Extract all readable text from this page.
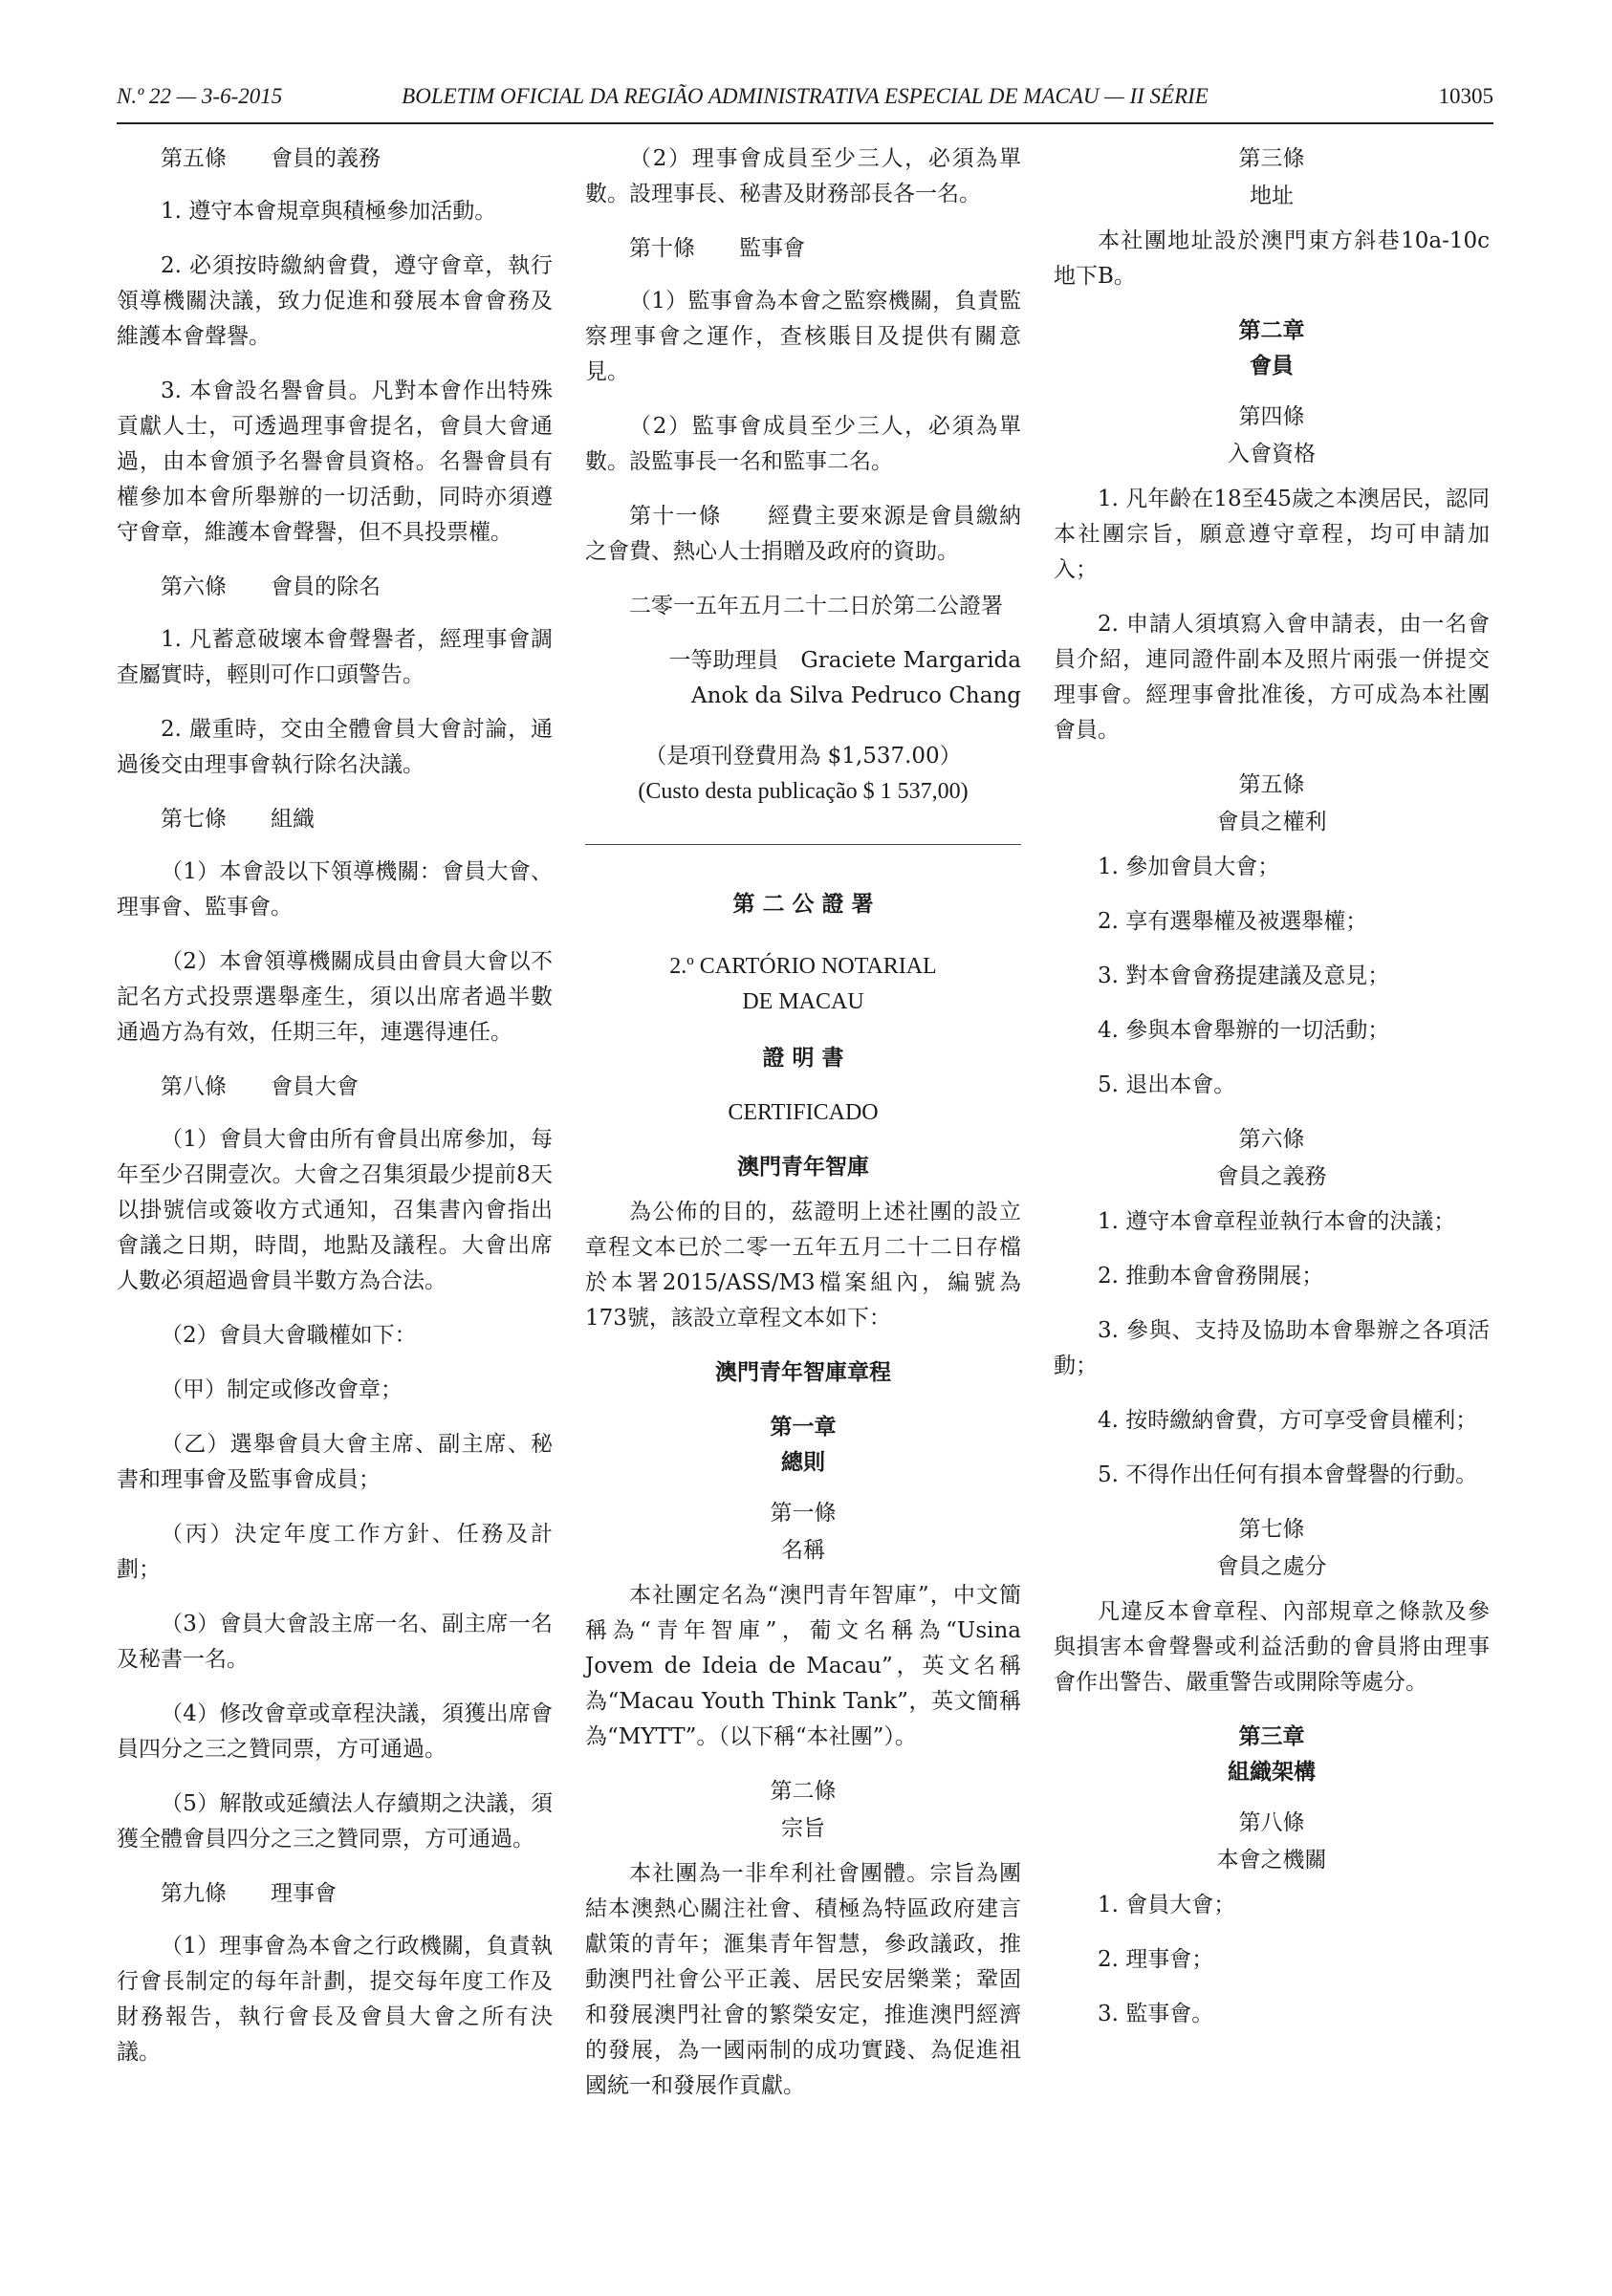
N.º 22 — 3-6-2015	BOLETIM OFICIAL DA REGIÃO ADMINISTRATIVA ESPECIAL DE MACAU — II SÉRIE	10305

第五條 會員的義務

1. 遵守本會規章與積極參加活動。

2. 必須按時繳納會費，遵守會章，執行領導機關決議，致力促進和發展本會會務及維護本會聲譽。

3. 本會設名譽會員。凡對本會作出特殊貢獻人士，可透過理事會提名，會員大會通過，由本會頒予名譽會員資格。名譽會員有權參加本會所舉辦的一切活動，同時亦須遵守會章，維護本會聲譽，但不具投票權。

第六條 會員的除名

1. 凡蓄意破壞本會聲譽者，經理事會調查屬實時，輕則可作口頭警告。

2. 嚴重時，交由全體會員大會討論，通過後交由理事會執行除名決議。

第七條 組織

（1）本會設以下領導機關：會員大會、理事會、監事會。

（2）本會領導機關成員由會員大會以不記名方式投票選舉產生，須以出席者過半數通過方為有效，任期三年，連選得連任。

第八條 會員大會

（1）會員大會由所有會員出席參加，每年至少召開壹次。大會之召集須最少提前8天以掛號信或簽收方式通知，召集書內會指出會議之日期，時間，地點及議程。大會出席人數必須超過會員半數方為合法。

（2）會員大會職權如下：

（甲）制定或修改會章；

（乙）選舉會員大會主席、副主席、秘書和理事會及監事會成員；

（丙）決定年度工作方針、任務及計劃；

（3）會員大會設主席一名、副主席一名及秘書一名。

（4）修改會章或章程決議，須獲出席會員四分之三之贊同票，方可通過。

（5）解散或延續法人存續期之決議，須獲全體會員四分之三之贊同票，方可通過。

第九條 理事會

（1）理事會為本會之行政機關，負責執行會長制定的每年計劃，提交每年度工作及財務報告，執行會長及會員大會之所有決議。

（2）理事會成員至少三人，必須為單數。設理事長、秘書及財務部長各一名。

第十條 監事會

（1）監事會為本會之監察機關，負責監察理事會之運作，查核賬目及提供有關意見。

（2）監事會成員至少三人，必須為單數。設監事長一名和監事二名。

第十一條　　經費主要來源是會員繳納之會費、熱心人士捐贈及政府的資助。

二零一五年五月二十二日於第二公證署

一等助理員　Graciete Margarida

Anok da Silva Pedruco Chang

（是項刊登費用為 $1,537.00）

(Custo desta publicação $ 1 537,00)

第 二 公 證 署

2.º CARTÓRIO NOTARIAL

DE MACAU

證 明 書

CERTIFICADO

澳門青年智庫

為公佈的目的，茲證明上述社團的設立章程文本已於二零一五年五月二十二日存檔於本署2015/ASS/M3檔案組內，編號為173號，該設立章程文本如下：

澳門青年智庫章程

第一章

總則

第一條

名稱

本社團定名為“澳門青年智庫”，中文簡稱為“青年智庫”，葡文名稱為“Usina Jovem de Ideia de Macau”，英文名稱為“Macau Youth Think Tank”，英文簡稱為“MYTT”。（以下稱“本社團”）。

第二條

宗旨

本社團為一非牟利社會團體。宗旨為團結本澳熱心關注社會、積極為特區政府建言獻策的青年；滙集青年智慧，參政議政，推動澳門社會公平正義、居民安居樂業；鞏固和發展澳門社會的繁榮安定，推進澳門經濟的發展，為一國兩制的成功實踐、為促進祖國統一和發展作貢獻。

第三條

地址

本社團地址設於澳門東方斜巷10a-10c地下B。

第二章

會員

第四條

入會資格

1. 凡年齡在18至45歲之本澳居民，認同本社團宗旨，願意遵守章程，均可申請加入；

2. 申請人須填寫入會申請表，由一名會員介紹，連同證件副本及照片兩張一併提交理事會。經理事會批准後，方可成為本社團會員。

第五條

會員之權利

1. 參加會員大會；

2. 享有選舉權及被選舉權；

3. 對本會會務提建議及意見；

4. 參與本會舉辦的一切活動；

5. 退出本會。

第六條

會員之義務

1. 遵守本會章程並執行本會的決議；

2. 推動本會會務開展；

3. 參與、支持及協助本會舉辦之各項活動；

4. 按時繳納會費，方可享受會員權利；

5. 不得作出任何有損本會聲譽的行動。

第七條

會員之處分

凡違反本會章程、內部規章之條款及參與損害本會聲譽或利益活動的會員將由理事會作出警告、嚴重警告或開除等處分。

第三章

組織架構

第八條

本會之機關

1. 會員大會；

2. 理事會；

3. 監事會。
